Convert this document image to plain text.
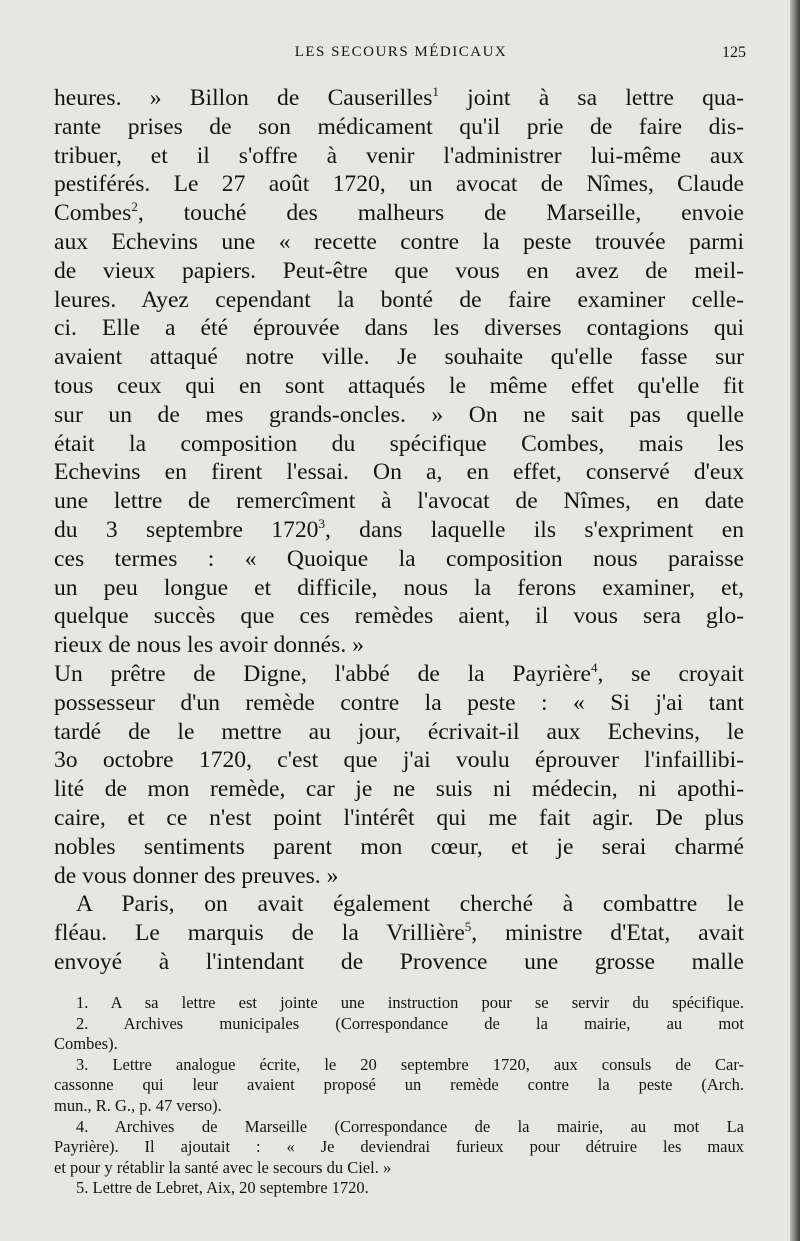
LES SECOURS MÉDICAUX	125
heures. » Billon de Causerilles$^1$ joint à sa lettre qua-
rante prises de son médicament qu'il prie de faire dis-
tribuer, et il s'offre à venir l'administrer lui-même aux
pestiférés. Le 27 août 1720, un avocat de Nîmes, Claude
Combes$^2$, touché des malheurs de Marseille, envoie
aux Echevins une « recette contre la peste trouvée parmi
de vieux papiers. Peut-être que vous en avez de meil-
leures. Ayez cependant la bonté de faire examiner celle-
ci. Elle a été éprouvée dans les diverses contagions qui
avaient attaqué notre ville. Je souhaite qu'elle fasse sur
tous ceux qui en sont attaqués le même effet qu'elle fit
sur un de mes grands-oncles. » On ne sait pas quelle
était la composition du spécifique Combes, mais les
Echevins en firent l'essai. On a, en effet, conservé d'eux
une lettre de remercîment à l'avocat de Nîmes, en date
du 3 septembre 1720$^3$, dans laquelle ils s'expriment en
ces termes : « Quoique la composition nous paraisse
un peu longue et difficile, nous la ferons examiner, et,
quelque succès que ces remèdes aient, il vous sera glo-
rieux de nous les avoir donnés. »
Un prêtre de Digne, l'abbé de la Payrière$^4$, se croyait
possesseur d'un remède contre la peste : « Si j'ai tant
tardé de le mettre au jour, écrivait-il aux Echevins, le
3o octobre 1720, c'est que j'ai voulu éprouver l'infaillibi-
lité de mon remède, car je ne suis ni médecin, ni apothi-
caire, et ce n'est point l'intérêt qui me fait agir. De plus
nobles sentiments parent mon cœur, et je serai charmé
de vous donner des preuves. »
A Paris, on avait également cherché à combattre le
fléau. Le marquis de la Vrillière$^5$, ministre d'Etat, avait
envoyé à l'intendant de Provence une grosse malle
1. A sa lettre est jointe une instruction pour se servir du spécifique.
2. Archives municipales (Correspondance de la mairie, au mot
Combes).
3. Lettre analogue écrite, le 20 septembre 1720, aux consuls de Car-
cassonne qui leur avaient proposé un remède contre la peste (Arch.
mun., R. G., p. 47 verso).
4. Archives de Marseille (Correspondance de la mairie, au mot La
Payrière). Il ajoutait : « Je deviendrai furieux pour détruire les maux
et pour y rétablir la santé avec le secours du Ciel. »
5. Lettre de Lebret, Aix, 20 septembre 1720.
